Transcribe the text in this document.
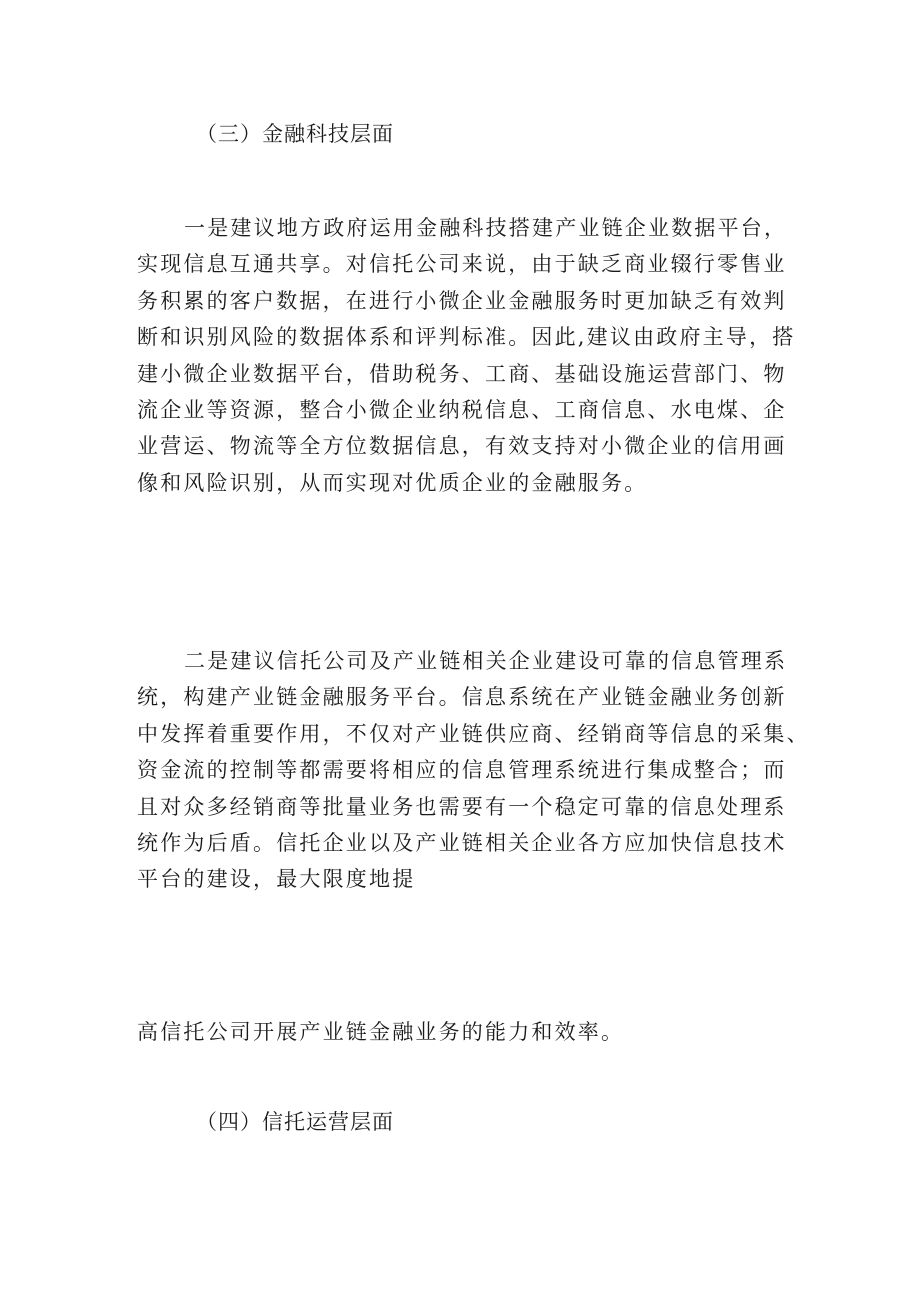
（三）金融科技层面
一是建议地方政府运用金融科技搭建产业链企业数据平台，
实现信息互通共享。对信托公司来说，由于缺乏商业辍行零售业
务积累的客户数据，在进行小微企业金融服务时更加缺乏有效判
断和识别风险的数据体系和评判标准。因此,建议由政府主导，搭
建小微企业数据平台，借助税务、工商、基础设施运营部门、物
流企业等资源，整合小微企业纳税信息、工商信息、水电煤、企
业营运、物流等全方位数据信息，有效支持对小微企业的信用画
像和风险识别，从而实现对优质企业的金融服务。
二是建议信托公司及产业链相关企业建设可靠的信息管理系
统，构建产业链金融服务平台。信息系统在产业链金融业务创新
中发挥着重要作用，不仅对产业链供应商、经销商等信息的采集、
资金流的控制等都需要将相应的信息管理系统进行集成整合；而
且对众多经销商等批量业务也需要有一个稳定可靠的信息处理系
统作为后盾。信托企业以及产业链相关企业各方应加快信息技术
平台的建设，最大限度地提
高信托公司开展产业链金融业务的能力和效率。
（四）信托运营层面
